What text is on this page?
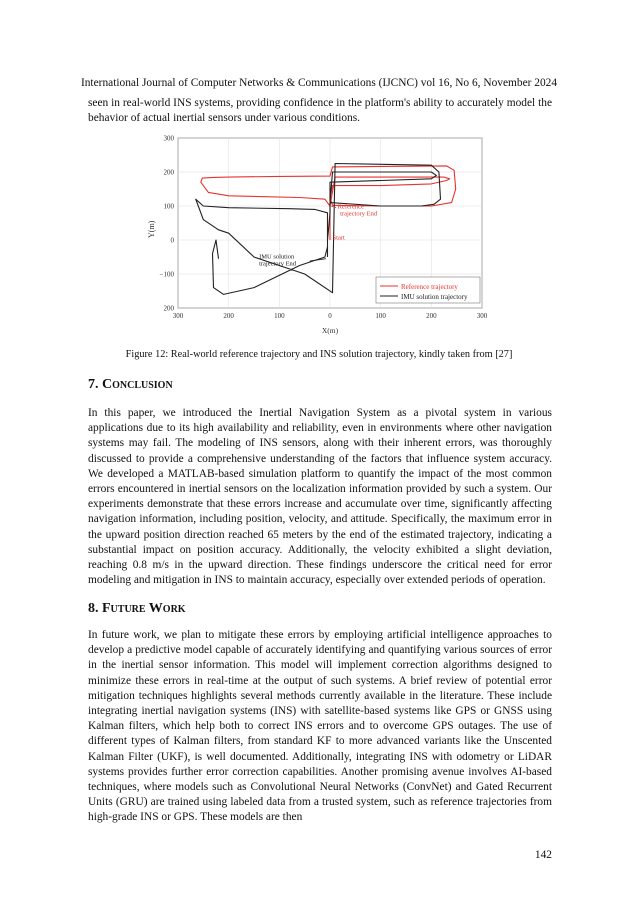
International Journal of Computer Networks & Communications (IJCNC) vol 16, No 6, November 2024
seen in real-world INS systems, providing confidence in the platform's ability to accurately model the behavior of actual inertial sensors under various conditions.
300
200
100
0
−100
200
300	200	100	0	100	200	300
Y(m)
X(m)
Reference
trajectory End
Start
IMU solution
trajectory End
Reference trajectory
IMU solution trajectory
Figure 12: Real-world reference trajectory and INS solution trajectory, kindly taken from [27]
7. Conclusion
In this paper, we introduced the Inertial Navigation System as a pivotal system in various applications due to its high availability and reliability, even in environments where other navigation systems may fail. The modeling of INS sensors, along with their inherent errors, was thoroughly discussed to provide a comprehensive understanding of the factors that influence system accuracy. We developed a MATLAB-based simulation platform to quantify the impact of the most common errors encountered in inertial sensors on the localization information provided by such a system. Our experiments demonstrate that these errors increase and accumulate over time, significantly affecting navigation information, including position, velocity, and attitude. Specifically, the maximum error in the upward position direction reached 65 meters by the end of the estimated trajectory, indicating a substantial impact on position accuracy. Additionally, the velocity exhibited a slight deviation, reaching 0.8 m/s in the upward direction. These findings underscore the critical need for error modeling and mitigation in INS to maintain accuracy, especially over extended periods of operation.
8. Future Work
In future work, we plan to mitigate these errors by employing artificial intelligence approaches to develop a predictive model capable of accurately identifying and quantifying various sources of error in the inertial sensor information. This model will implement correction algorithms designed to minimize these errors in real-time at the output of such systems. A brief review of potential error mitigation techniques highlights several methods currently available in the literature. These include integrating inertial navigation systems (INS) with satellite-based systems like GPS or GNSS using Kalman filters, which help both to correct INS errors and to overcome GPS outages. The use of different types of Kalman filters, from standard KF to more advanced variants like the Unscented Kalman Filter (UKF), is well documented. Additionally, integrating INS with odometry or LiDAR systems provides further error correction capabilities. Another promising avenue involves AI-based techniques, where models such as Convolutional Neural Networks (ConvNet) and Gated Recurrent Units (GRU) are trained using labeled data from a trusted system, such as reference trajectories from high-grade INS or GPS. These models are then
142
